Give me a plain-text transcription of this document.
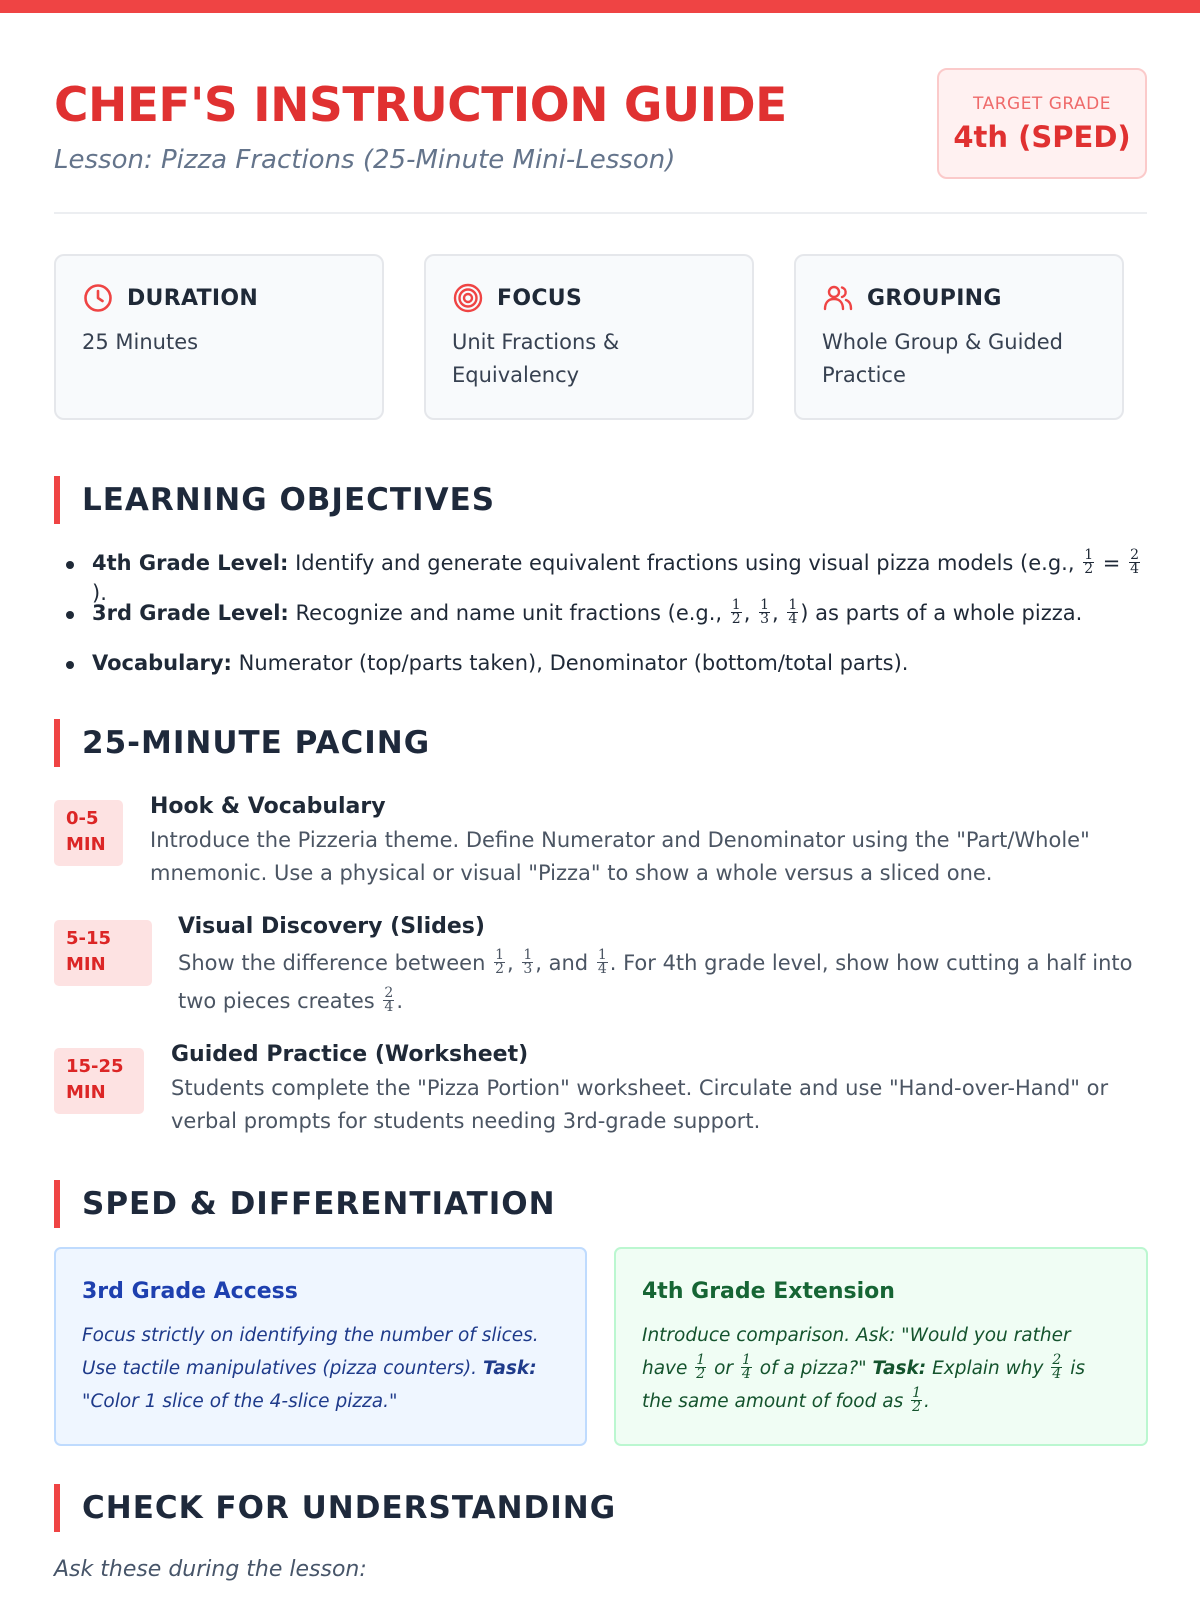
CHEF'S INSTRUCTION GUIDE

Lesson: Pizza Fractions (25-Minute Mini-Lesson)

TARGET GRADE
4th (SPED)
DURATION
25 Minutes
FOCUS
Unit Fractions & Equivalency
GROUPING
Whole Group & Guided Practice
LEARNING OBJECTIVES
4th Grade Level: Identify and generate equivalent fractions using visual pizza models (e.g., $\frac{1}{2} = \frac{2}{4}$
).
3rd Grade Level: Recognize and name unit fractions (e.g., $\frac{1}{2}$ , $\frac{1}{3}$ , $\frac{1}{4}$ ) as parts of a whole pizza.
Vocabulary: Numerator (top/parts taken), Denominator (bottom/total parts).
25-MINUTE PACING
0-5
MIN
Hook & Vocabulary
Introduce the Pizzeria theme. Define Numerator and Denominator using the "Part/Whole" mnemonic. Use a physical or visual "Pizza" to show a whole versus a sliced one.
5-15
MIN
Visual Discovery (Slides)
Show the difference between $\frac{1}{2}$ , $\frac{1}{3}$ , and $\frac{1}{4}$ . For 4th grade level, show how cutting a half into two pieces creates $\frac{2}{4}$ .
15-25
MIN
Guided Practice (Worksheet)
Students complete the "Pizza Portion" worksheet. Circulate and use "Hand-over-Hand" or verbal prompts for students needing 3rd-grade support.
SPED & DIFFERENTIATION
3rd Grade Access
Focus strictly on identifying the number of slices. Use tactile manipulatives (pizza counters). Task: "Color 1 slice of the 4-slice pizza."
4th Grade Extension
Introduce comparison. Ask: "Would you rather have $\frac{1}{2}$ or $\frac{1}{4}$ of a pizza?" Task: Explain why $\frac{2}{4}$ is the same amount of food as $\frac{1}{2}$ .
CHECK FOR UNDERSTANDING
Ask these during the lesson:
